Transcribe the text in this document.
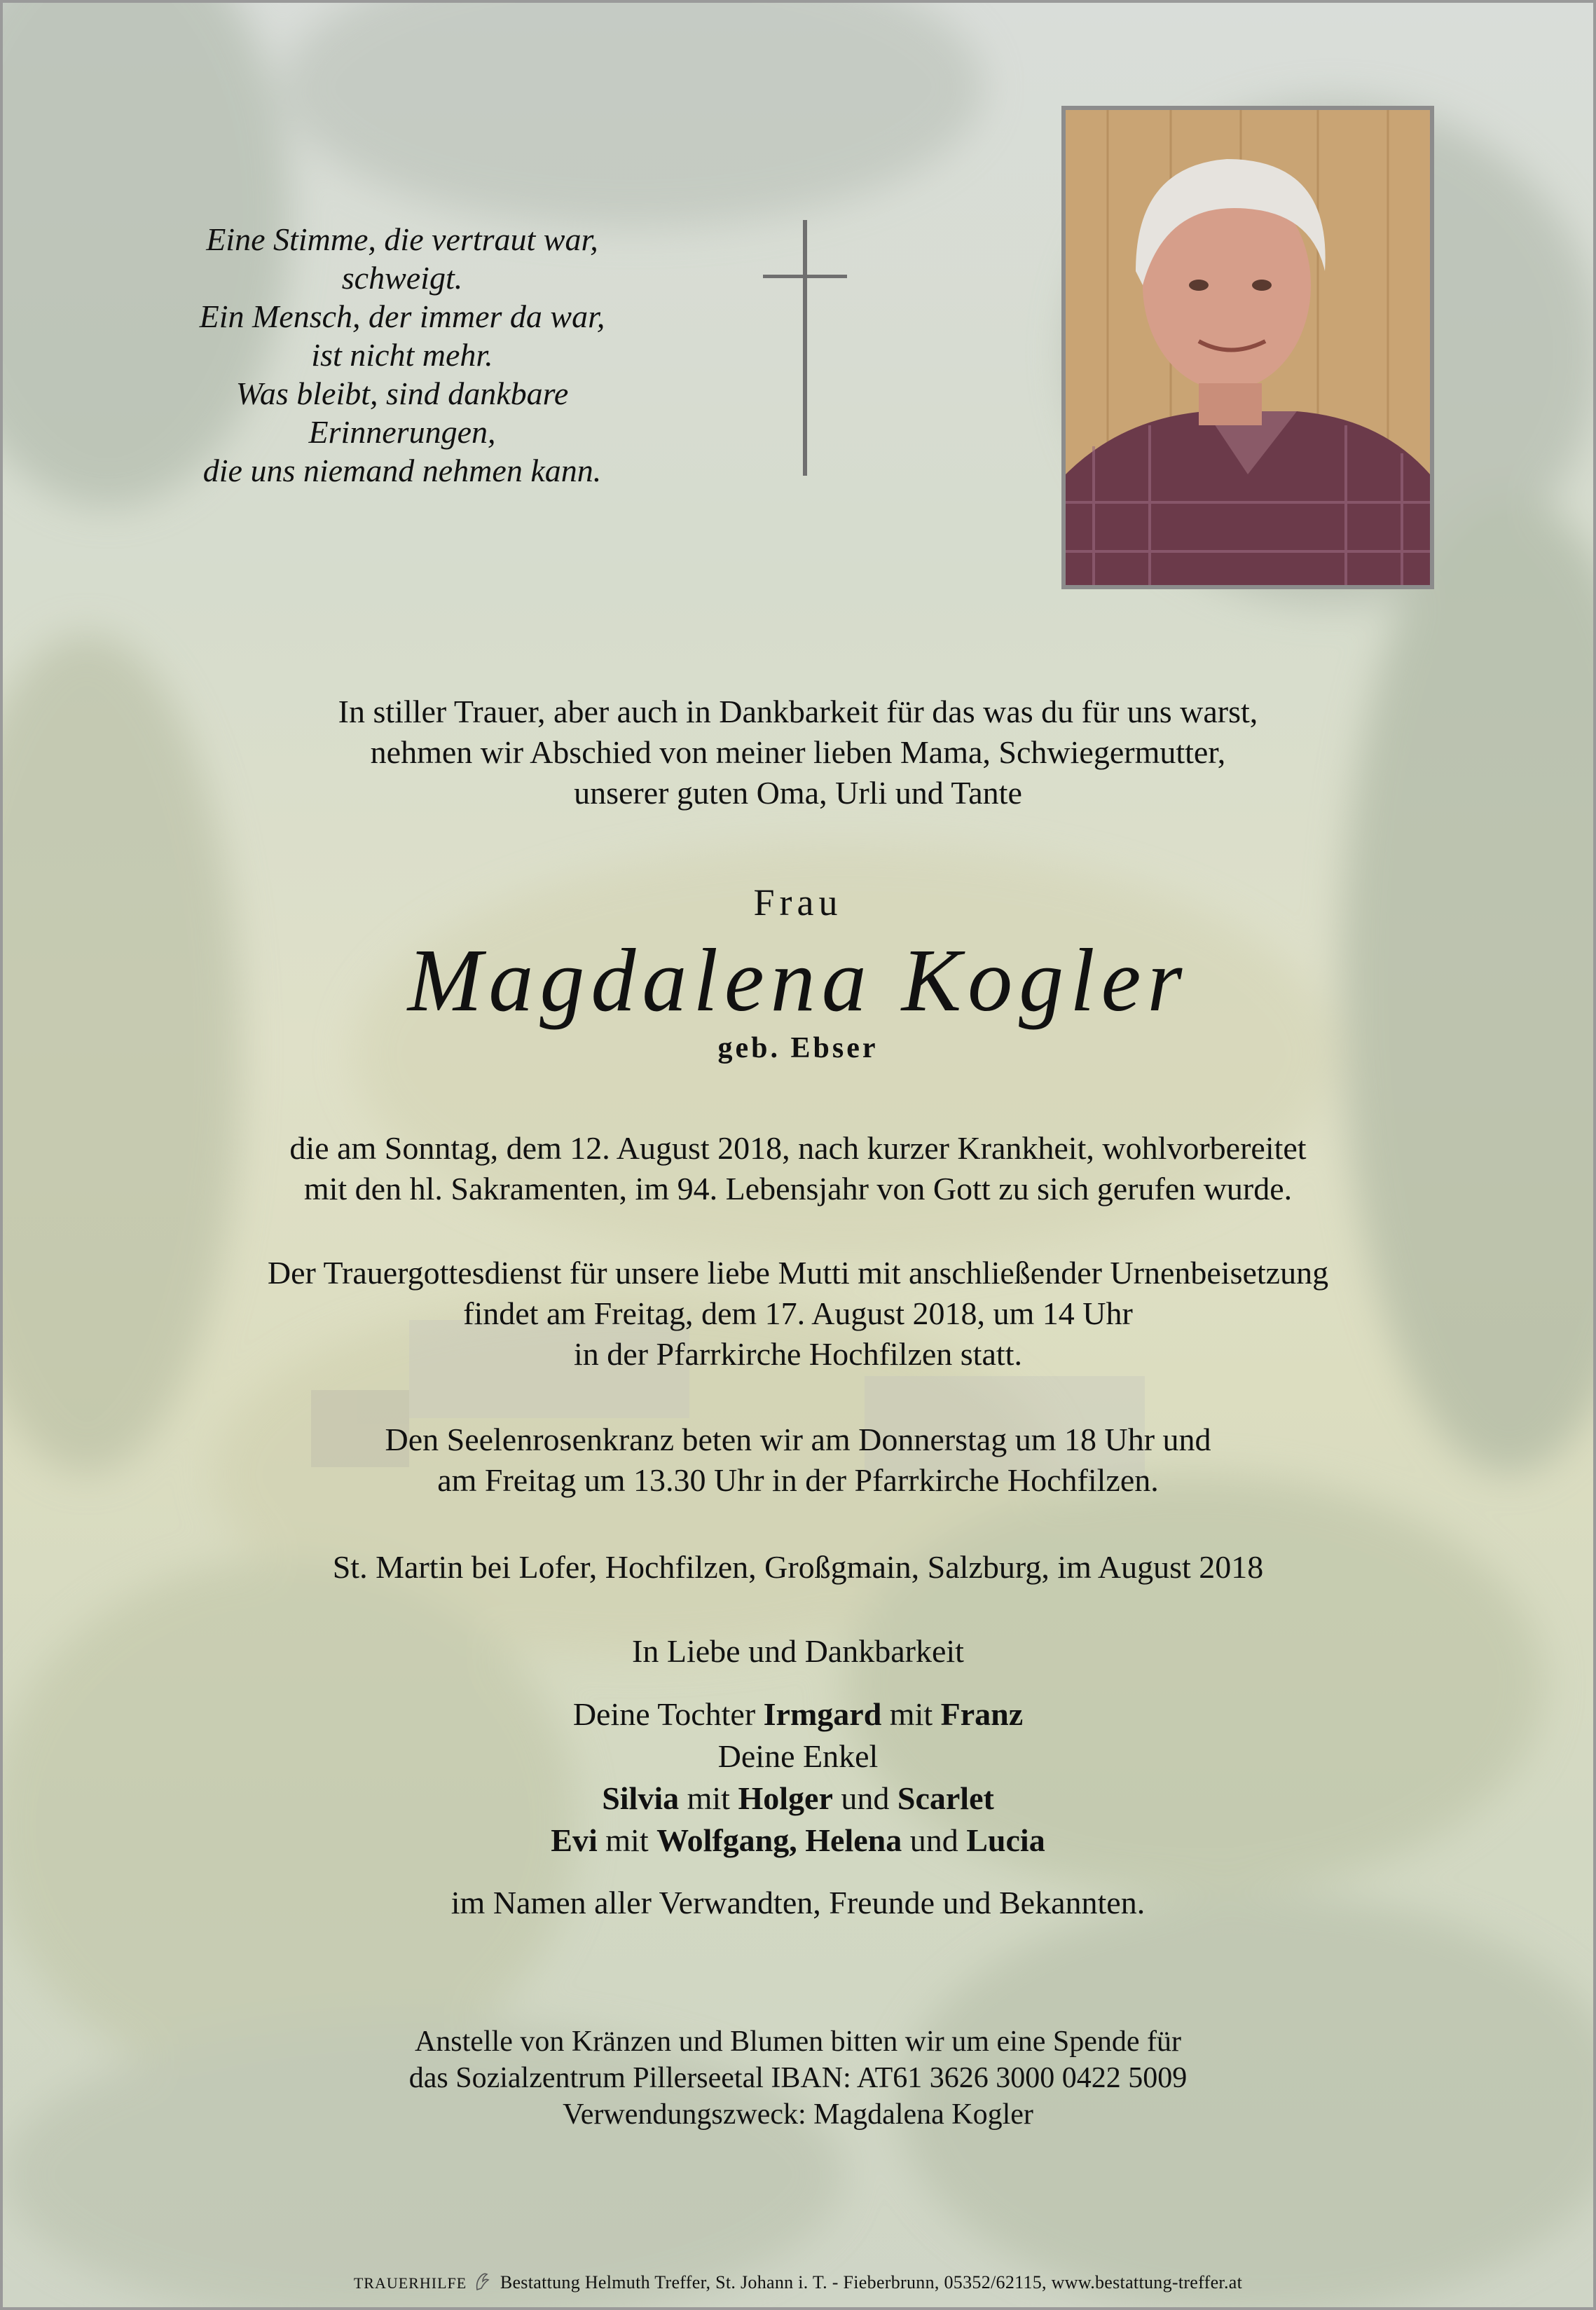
Eine Stimme, die vertraut war,
schweigt.
Ein Mensch, der immer da war,
ist nicht mehr.
Was bleibt, sind dankbare
Erinnerungen,
die uns niemand nehmen kann.
In stiller Trauer, aber auch in Dankbarkeit für das was du für uns warst,
nehmen wir Abschied von meiner lieben Mama, Schwiegermutter,
unserer guten Oma, Urli und Tante
Frau
Magdalena Kogler
geb. Ebser
die am Sonntag, dem 12. August 2018, nach kurzer Krankheit, wohlvorbereitet
mit den hl. Sakramenten, im 94. Lebensjahr von Gott zu sich gerufen wurde.
Der Trauergottesdienst für unsere liebe Mutti mit anschließender Urnenbeisetzung
findet am Freitag, dem 17. August 2018, um 14 Uhr
in der Pfarrkirche Hochfilzen statt.
Den Seelenrosenkranz beten wir am Donnerstag um 18 Uhr und
am Freitag um 13.30 Uhr in der Pfarrkirche Hochfilzen.
St. Martin bei Lofer, Hochfilzen, Großgmain, Salzburg, im August 2018
In Liebe und Dankbarkeit
Deine Tochter Irmgard mit Franz
Deine Enkel
Silvia mit Holger und Scarlet
Evi mit Wolfgang, Helena und Lucia
im Namen aller Verwandten, Freunde und Bekannten.
Anstelle von Kränzen und Blumen bitten wir um eine Spende für
das Sozialzentrum Pillerseetal IBAN: AT61 3626 3000 0422 5009
Verwendungszweck: Magdalena Kogler
TRAUERHILFE Bestattung Helmuth Treffer, St. Johann i. T. - Fieberbrunn, 05352/62115, www.bestattung-treffer.at
